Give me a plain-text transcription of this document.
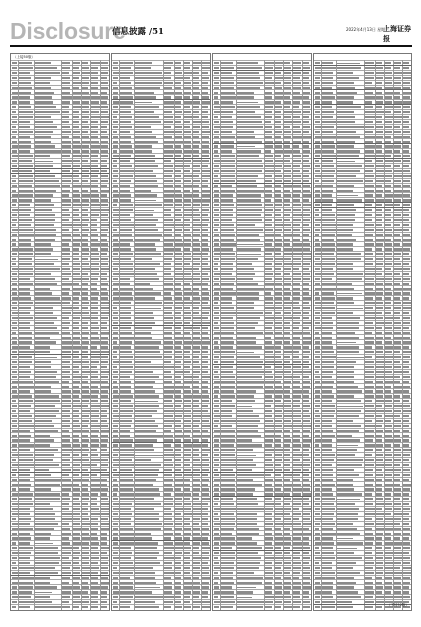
Disclosure
信息披露 /51	2022年4月13日 星期三
上海证券报
（上接50版）
（下转52版）
